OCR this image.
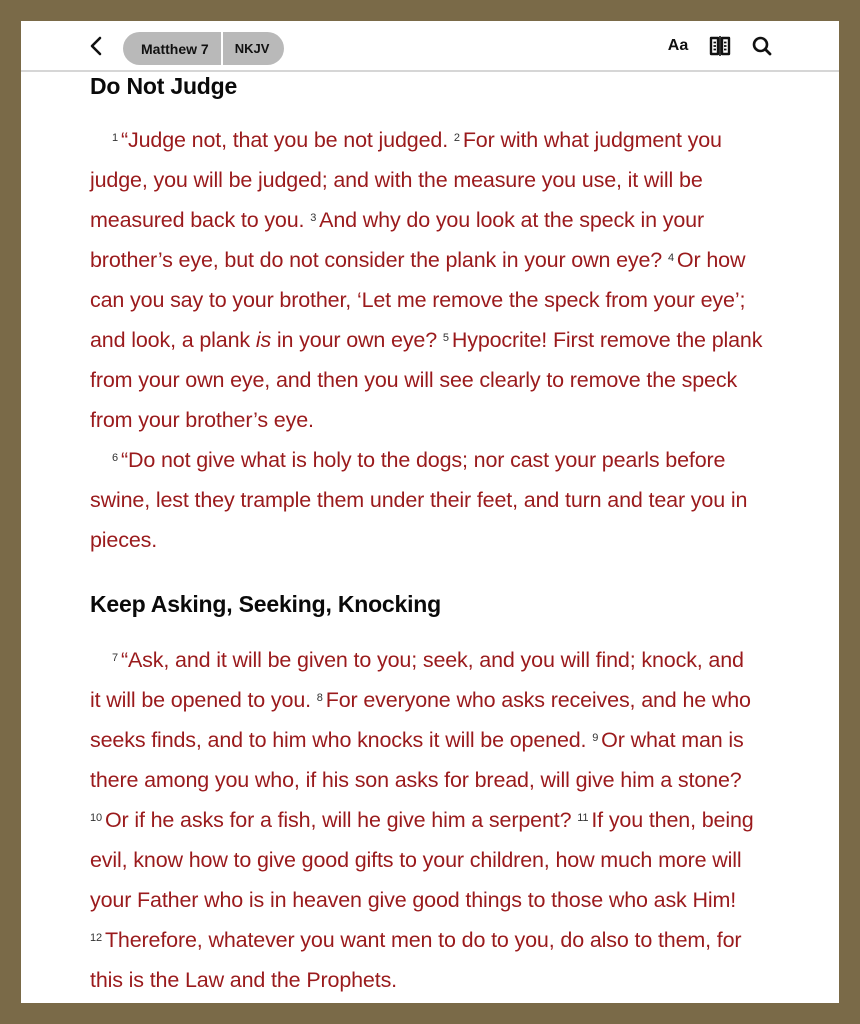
Matthew 7	NKJV	Aa
Do Not Judge
$^1$ “Judge not, that you be not judged. $^2$ For with what judgment you
judge, you will be judged; and with the measure you use, it will be
measured back to you. $^3$ And why do you look at the speck in your
brother’s eye, but do not consider the plank in your own eye? $^4$ Or how
can you say to your brother, ‘Let me remove the speck from your eye’;
and look, a plank is in your own eye? $^5$ Hypocrite! First remove the plank
from your own eye, and then you will see clearly to remove the speck
from your brother’s eye.
$^6$ “Do not give what is holy to the dogs; nor cast your pearls before
swine, lest they trample them under their feet, and turn and tear you in
pieces.
Keep Asking, Seeking, Knocking
$^7$ “Ask, and it will be given to you; seek, and you will find; knock, and
it will be opened to you. $^8$ For everyone who asks receives, and he who
seeks finds, and to him who knocks it will be opened. $^9$ Or what man is
there among you who, if his son asks for bread, will give him a stone?
$^{10}$ Or if he asks for a fish, will he give him a serpent? $^{11}$ If you then, being
evil, know how to give good gifts to your children, how much more will
your Father who is in heaven give good things to those who ask Him!
$^{12}$ Therefore, whatever you want men to do to you, do also to them, for
this is the Law and the Prophets.
